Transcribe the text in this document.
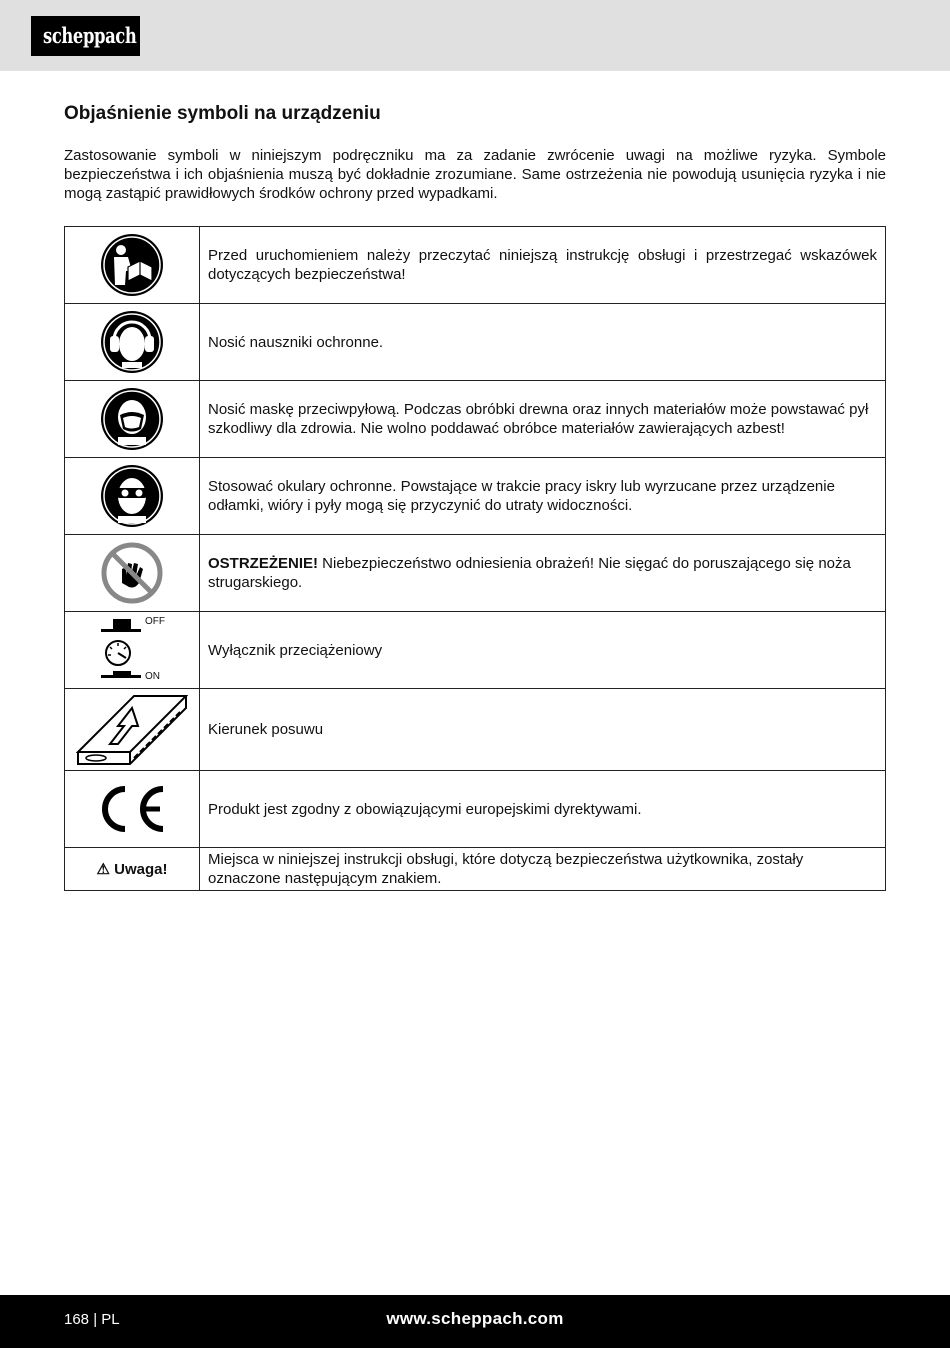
scheppach
Objaśnienie symboli na urządzeniu

Zastosowanie symboli w niniejszym podręczniku ma za zadanie zwrócenie uwagi na możliwe ryzyka. Symbole bezpieczeństwa i ich objaśnienia muszą być dokładnie zrozumiane. Same ostrzeżenia nie powodują usunięcia ryzyka i nie mogą zastąpić prawidłowych środków ochrony przed wypadkami.

	Przed uruchomieniem należy przeczytać niniejszą instrukcję obsługi i przestrzegać wskazówek dotyczących bezpieczeństwa!

	Nosić nauszniki ochronne.

	Nosić maskę przeciwpyłową. Podczas obróbki drewna oraz innych materiałów może powstawać pył szkodliwy dla zdrowia. Nie wolno poddawać obróbce materiałów zawierających azbest!

	Stosować okulary ochronne. Powstające w trakcie pracy iskry lub wyrzucane przez urządzenie odłamki, wióry i pyły mogą się przyczynić do utraty widoczności.

	OSTRZEŻENIE! Niebezpieczeństwo odniesienia obrażeń! Nie sięgać do poruszającego się noża strugarskiego.

OFF
ON	Wyłącznik przeciążeniowy

	Kierunek posuwu

	Produkt jest zgodny z obowiązującymi europejskimi dyrektywami.
⚠ Uwaga!	Miejsca w niniejszej instrukcji obsługi, które dotyczą bezpieczeństwa użytkownika, zostały oznaczone następującym znakiem.
168 | PL	www.scheppach.com
